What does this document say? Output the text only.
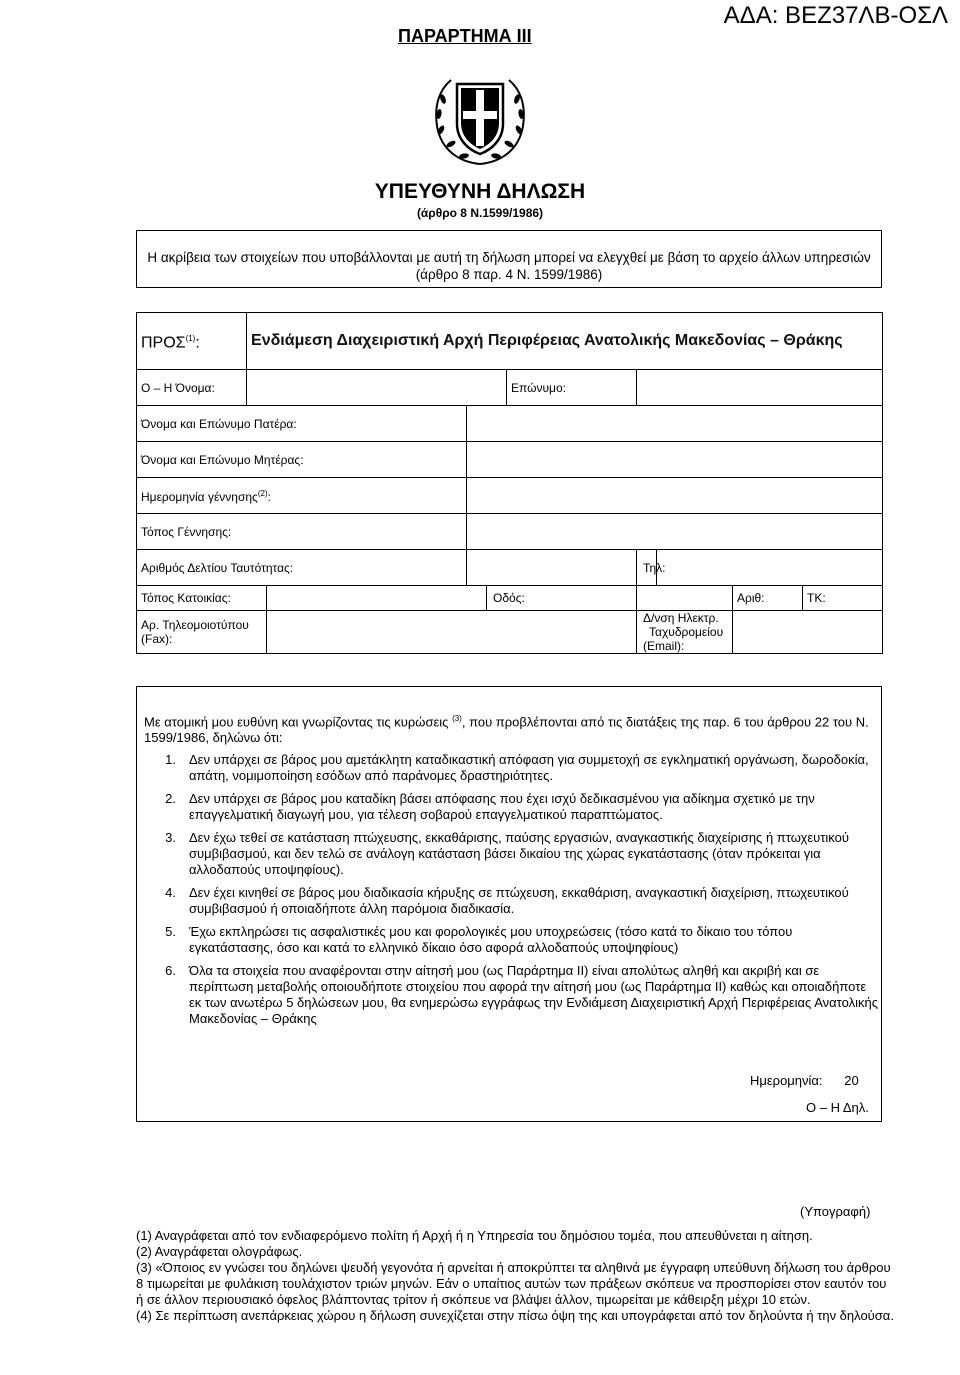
ΑΔΑ: ΒΕΖ37ΛΒ-ΟΣΛ
ΠΑΡΑΡΤΗΜΑ ΙΙΙ
ΥΠΕΥΘΥΝΗ ΔΗΛΩΣΗ
(άρθρο 8 Ν.1599/1986)
Η ακρίβεια των στοιχείων που υποβάλλονται με αυτή τη δήλωση μπορεί να ελεγχθεί με βάση το αρχείο άλλων υπηρεσιών (άρθρο 8 παρ. 4 Ν. 1599/1986)
ΠΡΟΣ$^{(1)}$:	Ενδιάμεση Διαχειριστική Αρχή Περιφέρειας Ανατολικής Μακεδονίας – Θράκης								
Ο – Η Όνομα:					Επώνυμο:				
Όνομα και Επώνυμο Πατέρα:									
Όνομα και Επώνυμο Μητέρας:									
Ημερομηνία γέννησης$^{(2)}$:									
Τόπος Γέννησης:									
Αριθμός Δελτίου Ταυτότητας:						Τηλ:			
Τόπος Κατοικίας:				Οδός:				Αριθ:	ΤΚ:
Αρ. Τηλεομοιοτύπου (Fax):						Δ/νση Ηλεκτρ.
Ταχυδρομείου
(Email):			

Με ατομική μου ευθύνη και γνωρίζοντας τις κυρώσεις $^{(3)}$, που προβλέπονται από τις διατάξεις της παρ. 6 του άρθρου 22 του Ν. 1599/1986, δηλώνω ότι:
1. Δεν υπάρχει σε βάρος μου αμετάκλητη καταδικαστική απόφαση για συμμετοχή σε εγκληματική οργάνωση, δωροδοκία, απάτη, νομιμοποίηση εσόδων από παράνομες δραστηριότητες.
2. Δεν υπάρχει σε βάρος μου καταδίκη βάσει απόφασης που έχει ισχύ δεδικασμένου για αδίκημα σχετικό με την επαγγελματική διαγωγή μου, για τέλεση σοβαρού επαγγελματικού παραπτώματος.
3. Δεν έχω τεθεί σε κατάσταση πτώχευσης, εκκαθάρισης, παύσης εργασιών, αναγκαστικής διαχείρισης ή πτωχευτικού συμβιβασμού, και δεν τελώ σε ανάλογη κατάσταση βάσει δικαίου της χώρας εγκατάστασης (όταν πρόκειται για αλλοδαπούς υποψηφίους).
4. Δεν έχει κινηθεί σε βάρος μου διαδικασία κήρυξης σε πτώχευση, εκκαθάριση, αναγκαστική διαχείριση, πτωχευτικού συμβιβασμού ή οποιαδήποτε άλλη παρόμοια διαδικασία.
5. Έχω εκπληρώσει τις ασφαλιστικές μου και φορολογικές μου υποχρεώσεις (τόσο κατά το δίκαιο του τόπου εγκατάστασης, όσο και κατά το ελληνικό δίκαιο όσο αφορά αλλοδαπούς υποψηφίους)
6. Όλα τα στοιχεία που αναφέρονται στην αίτησή μου (ως Παράρτημα ΙΙ) είναι απολύτως αληθή και ακριβή και σε περίπτωση μεταβολής οποιουδήποτε στοιχείου που αφορά την αίτησή μου (ως Παράρτημα ΙΙ) καθώς και οποιαδήποτε εκ των ανωτέρω 5 δηλώσεων μου, θα ενημερώσω εγγράφως την Ενδιάμεση Διαχειριστική Αρχή Περιφέρειας Ανατολικής Μακεδονίας – Θράκης
Ημερομηνία: 20
Ο – Η Δηλ.
(Υπογραφή)

(1) Αναγράφεται από τον ενδιαφερόμενο πολίτη ή Αρχή ή η Υπηρεσία του δημόσιου τομέα, που απευθύνεται η αίτηση.

(2) Αναγράφεται ολογράφως.

(3) «Όποιος εν γνώσει του δηλώνει ψευδή γεγονότα ή αρνείται ή αποκρύπτει τα αληθινά με έγγραφη υπεύθυνη δήλωση του άρθρου 8 τιμωρείται με φυλάκιση τουλάχιστον τριών μηνών. Εάν ο υπαίτιος αυτών των πράξεων σκόπευε να προσπορίσει στον εαυτόν του ή σε άλλον περιουσιακό όφελος βλάπτοντας τρίτον ή σκόπευε να βλάψει άλλον, τιμωρείται με κάθειρξη μέχρι 10 ετών.

(4) Σε περίπτωση ανεπάρκειας χώρου η δήλωση συνεχίζεται στην πίσω όψη της και υπογράφεται από τον δηλούντα ή την δηλούσα.
